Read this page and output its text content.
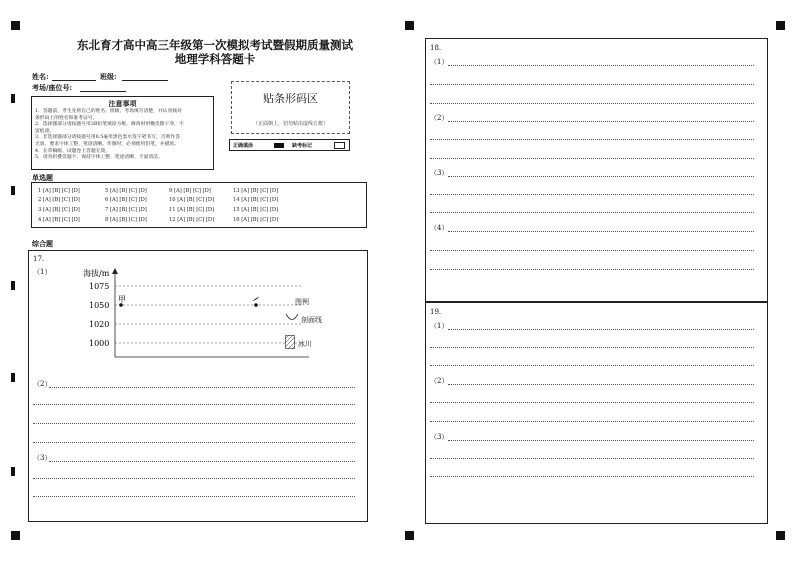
东北育才高中高三年级第一次模拟考试暨假期质量测试
地理学科答题卡
姓名:	班级:
考场/座位号:
注意事项
1．答题前，考生先将自己的姓名、班级、考场填写清楚，并认真核对
条形码上的姓名和准考证号。
2．选择题部分请按题号用2B铅笔填涂方框，修改时用橡皮擦干净，不
留痕迹。
3．非选择题部分请按题号用0.5毫米黑色墨水签字笔书写，否则作答
无效。要求字体工整、笔迹清晰。作图时，必须使用铅笔，并描浓。
4．在草稿纸、试题卷上答题无效。
5．请勿折叠答题卡，保持字体工整、笔迹清晰、卡面清洁。
贴条形码区
（正面朝上，切勿贴出虚线方框）
正确填涂	缺考标记
单选题
1 [A] [B] [C] [D]
2 [A] [B] [C] [D]
3 [A] [B] [C] [D]
4 [A] [B] [C] [D]
5 [A] [B] [C] [D]
6 [A] [B] [C] [D]
7 [A] [B] [C] [D]
8 [A] [B] [C] [D]
9 [A] [B] [C] [D]
10 [A] [B] [C] [D]
11 [A] [B] [C] [D]
12 [A] [B] [C] [D]
13 [A] [B] [C] [D]
14 [A] [B] [C] [D]
15 [A] [B] [C] [D]
16 [A] [B] [C] [D]
综合题
17.
（1）	海拔/m
1075
1050
1020
1000
甲	图例
剖面线
冰川
（2）
（3）
18.
（1）
（2）
（3）
（4）
19.
（1）
（2）
（3）
